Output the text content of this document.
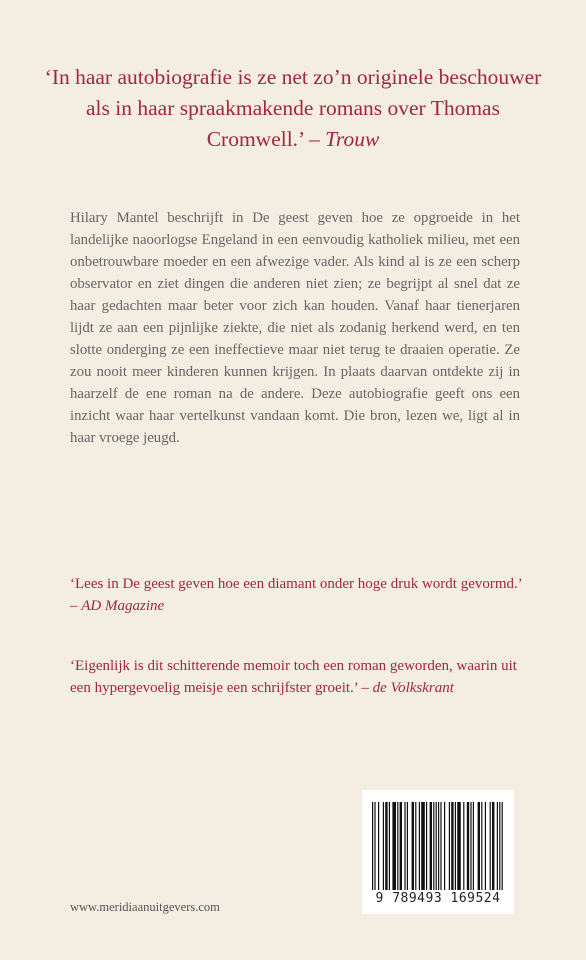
‘In haar autobiografie is ze net zo’n originele beschouwer als in haar spraakmakende romans over Thomas Cromwell.’ – Trouw

Hilary Mantel beschrijft in De geest geven hoe ze opgroeide in het landelijke naoorlogse Engeland in een eenvoudig katholiek milieu, met een onbetrouwbare moeder en een afwezige vader. Als kind al is ze een scherp observator en ziet dingen die anderen niet zien; ze begrijpt al snel dat ze haar gedachten maar beter voor zich kan houden. Vanaf haar tienerjaren lijdt ze aan een pijnlijke ziekte, die niet als zodanig herkend werd, en ten slotte onderging ze een ineffectieve maar niet terug te draaien operatie. Ze zou nooit meer kinderen kunnen krijgen. In plaats daarvan ontdekte zij in haarzelf de ene roman na de andere. Deze autobiografie geeft ons een inzicht waar haar vertelkunst vandaan komt. Die bron, lezen we, ligt al in haar vroege jeugd.

‘Lees in De geest geven hoe een diamant onder hoge druk wordt gevormd.’ – AD Magazine

‘Eigenlijk is dit schitterende memoir toch een roman geworden, waarin uit een hypergevoelig meisje een schrijfster groeit.’ – de Volkskrant

www.meridiaanuitgevers.com
9 789493 169524
